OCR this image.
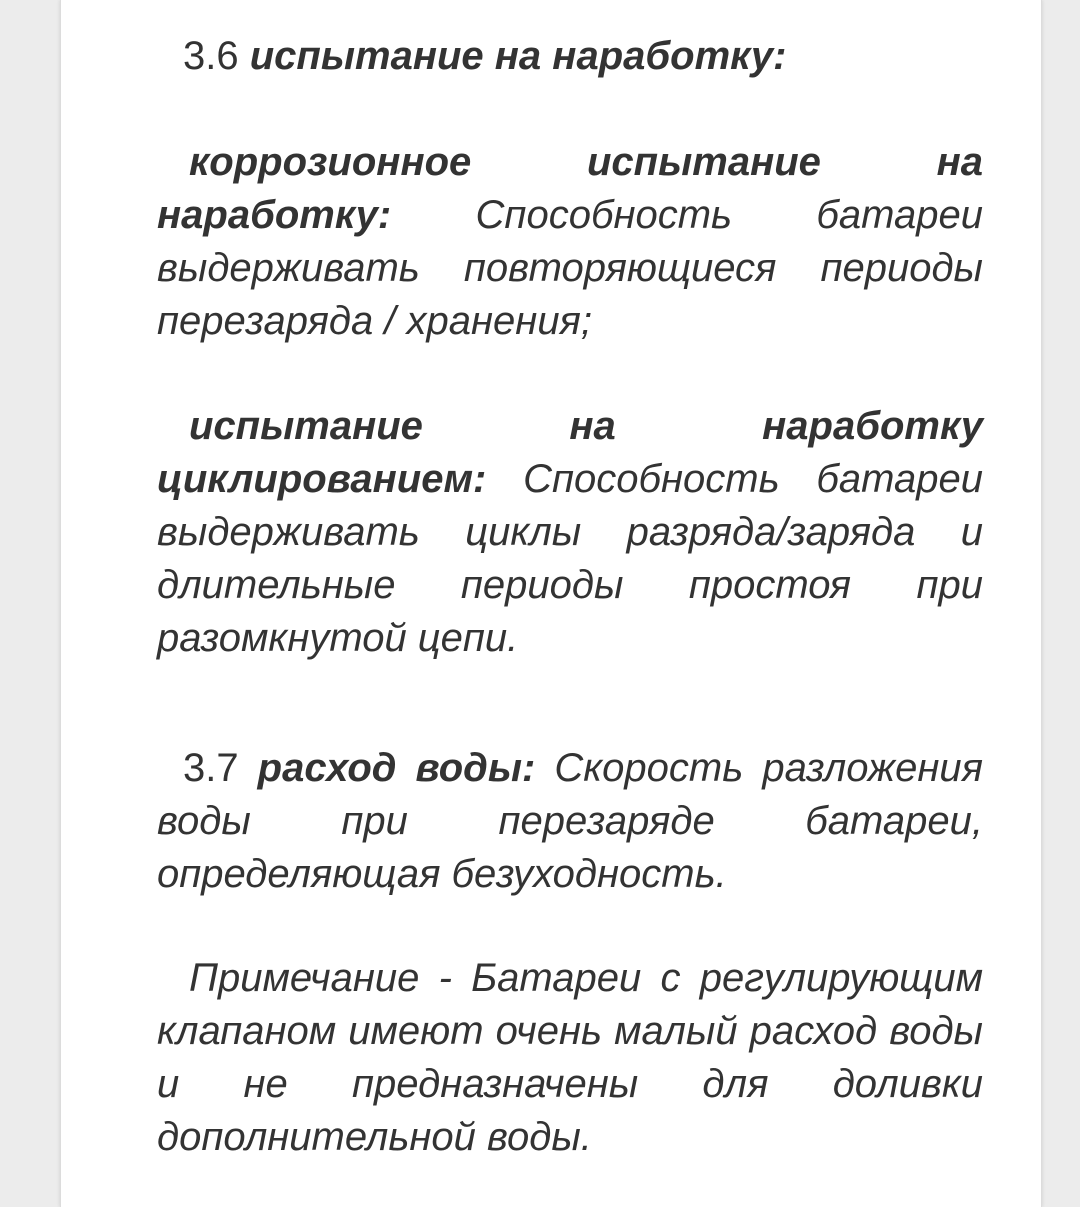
3.6 испытание на наработку:

коррозионное испытание на наработку: Способность батареи выдерживать повторяющиеся периоды перезаряда / хранения;

испытание на наработку циклированием: Способность батареи выдерживать циклы разряда/заряда и длительные периоды простоя при разомкнутой цепи.

3.7 расход воды: Скорость разложения воды при перезаряде батареи, определяющая безуходность.

Примечание - Батареи с регулирующим клапаном имеют очень малый расход воды и не предназначены для доливки дополнительной воды.
